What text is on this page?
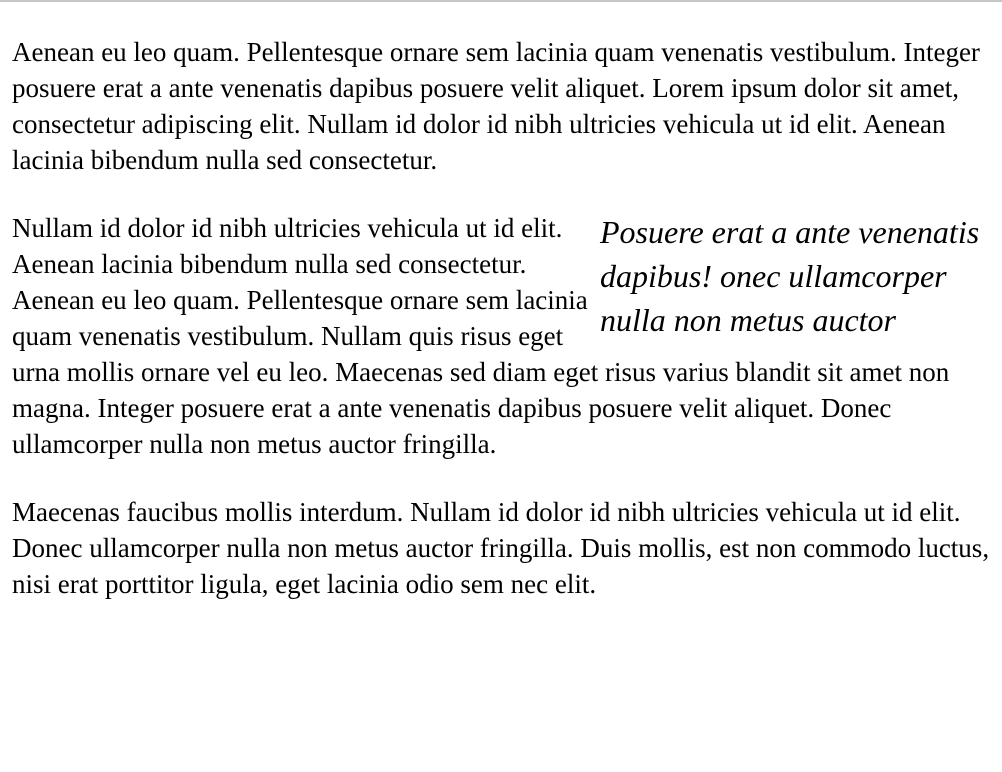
Aenean eu leo quam. Pellentesque ornare sem lacinia quam venenatis vestibulum. Integer posuere erat a ante venenatis dapibus posuere velit aliquet. Lorem ipsum dolor sit amet, consectetur adipiscing elit. Nullam id dolor id nibh ultricies vehicula ut id elit. Aenean lacinia bibendum nulla sed consectetur.

Posuere erat a ante venenatis dapibus! onec ullamcorper nulla non metus auctor

Nullam id dolor id nibh ultricies vehicula ut id elit. Aenean lacinia bibendum nulla sed consectetur. Aenean eu leo quam. Pellentesque ornare sem lacinia quam venenatis vestibulum. Nullam quis risus eget urna mollis ornare vel eu leo. Maecenas sed diam eget risus varius blandit sit amet non magna. Integer posuere erat a ante venenatis dapibus posuere velit aliquet. Donec ullamcorper nulla non metus auctor fringilla.

Maecenas faucibus mollis interdum. Nullam id dolor id nibh ultricies vehicula ut id elit. Donec ullamcorper nulla non metus auctor fringilla. Duis mollis, est non commodo luctus, nisi erat porttitor ligula, eget lacinia odio sem nec elit.
